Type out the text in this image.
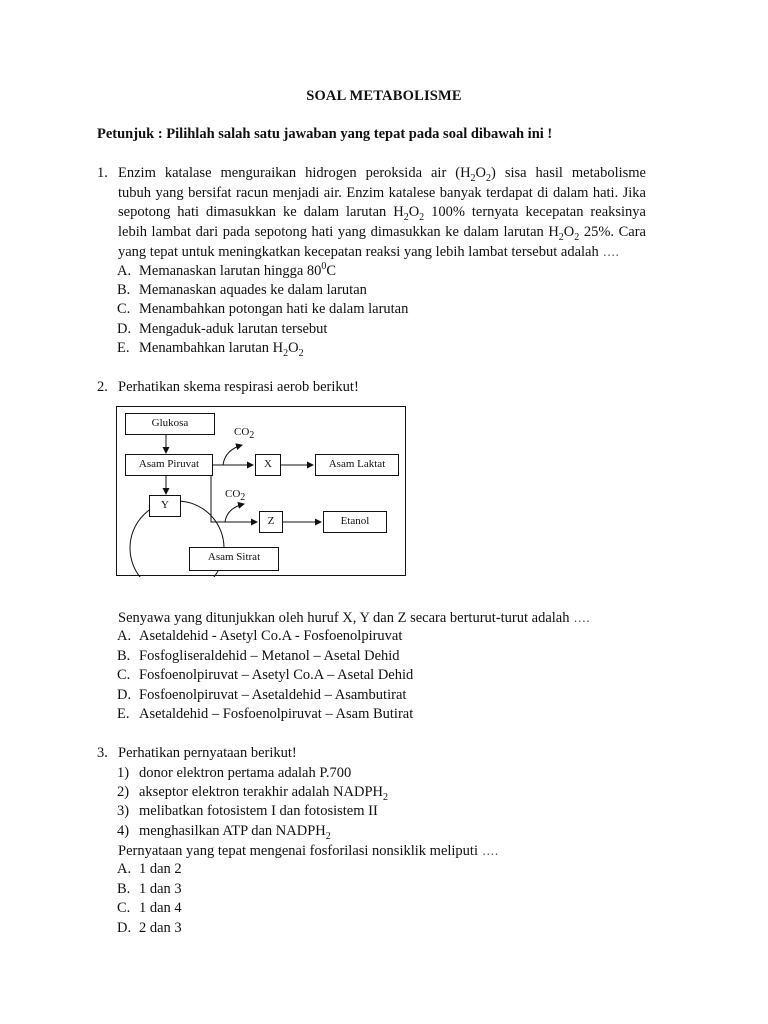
SOAL METABOLISME
Petunjuk : Pilihlah salah satu jawaban yang tepat pada soal dibawah ini !
1. Enzim katalase menguraikan hidrogen peroksida air $(H_2O_2)$ sisa hasil metabolisme
tubuh yang bersifat racun menjadi air. Enzim katalese banyak terdapat di dalam hati. Jika
sepotong hati dimasukkan ke dalam larutan $H_2O_2$ 100% ternyata kecepatan reaksinya
lebih lambat dari pada sepotong hati yang dimasukkan ke dalam larutan $H_2O_2$ 25%. Cara
yang tepat untuk meningkatkan kecepatan reaksi yang lebih lambat tersebut adalah ….
A. Memanaskan larutan hingga $80^0C$
B. Memanaskan aquades ke dalam larutan
C. Menambahkan potongan hati ke dalam larutan
D. Mengaduk-aduk larutan tersebut
E. Menambahkan larutan $H_2O_2$
2. Perhatikan skema respirasi aerob berikut!
Glukosa
Asam Piruvat	X	Asam Laktat
Y
Z	Etanol
Asam Sitrat
$CO_2$
$CO_2$
Senyawa yang ditunjukkan oleh huruf X, Y dan Z secara berturut-turut adalah ….
A. Asetaldehid - Asetyl Co.A - Fosfoenolpiruvat
B. Fosfogliseraldehid – Metanol – Asetal Dehid
C. Fosfoenolpiruvat – Asetyl Co.A – Asetal Dehid
D. Fosfoenolpiruvat – Asetaldehid – Asambutirat
E. Asetaldehid – Fosfoenolpiruvat – Asam Butirat
3. Perhatikan pernyataan berikut!
1) donor elektron pertama adalah P.700
2) akseptor elektron terakhir adalah $NADPH_2$
3) melibatkan fotosistem I dan fotosistem II
4) menghasilkan ATP dan $NADPH_2$
Pernyataan yang tepat mengenai fosforilasi nonsiklik meliputi ….
A. 1 dan 2
B. 1 dan 3
C. 1 dan 4
D. 2 dan 3
